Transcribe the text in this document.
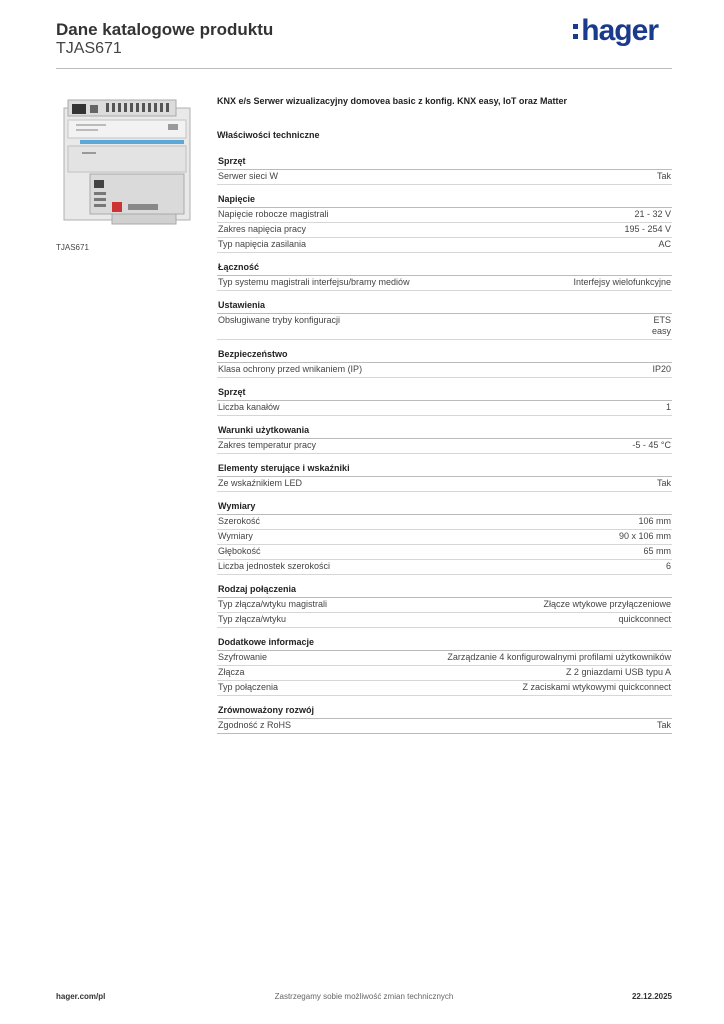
Dane katalogowe produktu
TJAS671
hager
TJAS671
KNX e/s Serwer wizualizacyjny domovea basic z konfig. KNX easy, IoT oraz Matter
Właściwości techniczne
Sprzęt
Serwer sieci W	Tak
Napięcie
Napięcie robocze magistrali	21 - 32 V
Zakres napięcia pracy	195 - 254 V
Typ napięcia zasilania	AC
Łączność
Typ systemu magistrali interfejsu/bramy mediów	Interfejsy wielofunkcyjne
Ustawienia
Obsługiwane tryby konfiguracji	ETS
easy
Bezpieczeństwo
Klasa ochrony przed wnikaniem (IP)	IP20
Sprzęt
Liczba kanałów	1
Warunki użytkowania
Zakres temperatur pracy	-5 - 45 °C
Elementy sterujące i wskaźniki
Ze wskaźnikiem LED	Tak
Wymiary
Szerokość	106 mm
Wymiary	90 x 106 mm
Głębokość	65 mm
Liczba jednostek szerokości	6
Rodzaj połączenia
Typ złącza/wtyku magistrali	Złącze wtykowe przyłączeniowe
Typ złącza/wtyku	quickconnect
Dodatkowe informacje
Szyfrowanie	Zarządzanie 4 konfigurowalnymi profilami użytkowników
Złącza	Z 2 gniazdami USB typu A
Typ połączenia	Z zaciskami wtykowymi quickconnect
Zrównoważony rozwój
Zgodność z RoHS	Tak
hager.com/pl	Zastrzegamy sobie możliwość zmian technicznych	22.12.2025
